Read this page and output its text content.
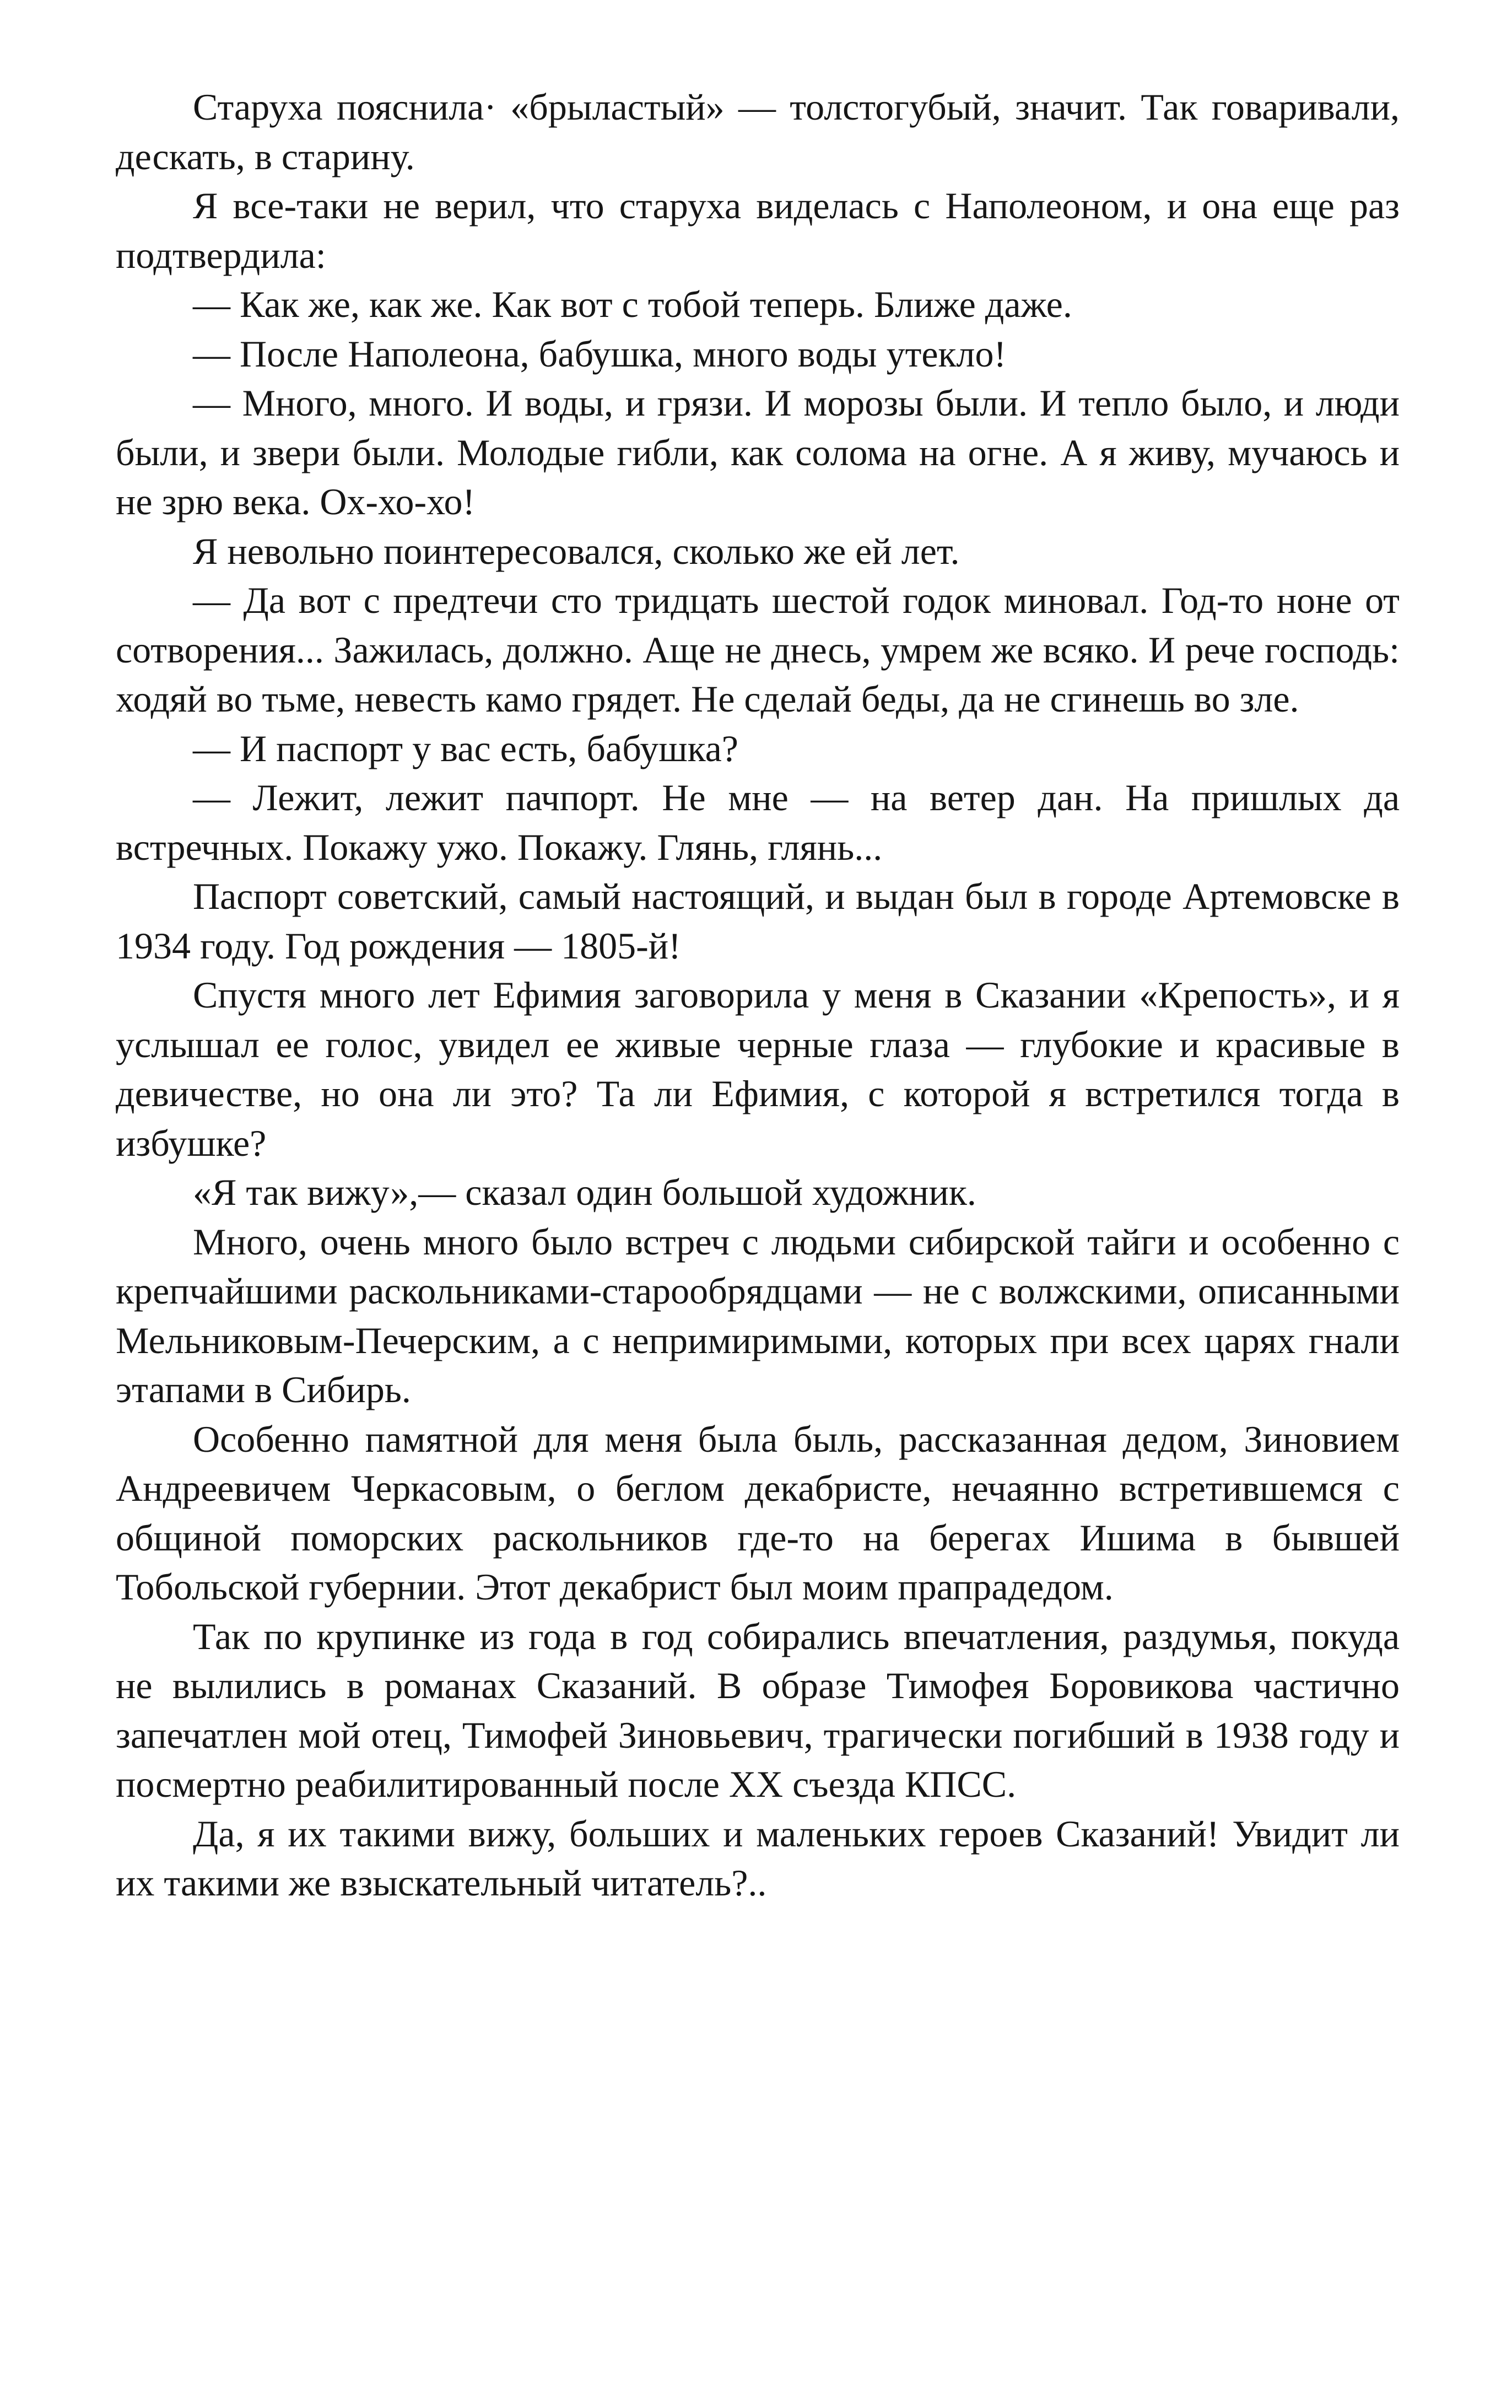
Старуха пояснила· «брыластый» — толстогубый, значит. Так говаривали, дескать, в старину.

Я все-таки не верил, что старуха виделась с Наполеоном, и она еще раз подтвердила:

— Как же, как же. Как вот с тобой теперь. Ближе даже.

— После Наполеона, бабушка, много воды утекло!

— Много, много. И воды, и грязи. И морозы были. И тепло было, и люди были, и звери были. Молодые гибли, как солома на огне. А я живу, мучаюсь и не зрю века. Ох-хо-хо!

Я невольно поинтересовался, сколько же ей лет.

— Да вот с предтечи сто тридцать шестой годок миновал. Год-то ноне от сотворения... Зажилась, должно. Аще не днесь, умрем же всяко. И рече господь: ходяй во тьме, невесть камо грядет. Не сделай беды, да не сгинешь во зле.

— И паспорт у вас есть, бабушка?

— Лежит, лежит пачпорт. Не мне — на ветер дан. На пришлых да встречных. Покажу ужо. Покажу. Глянь, глянь...

Паспорт советский, самый настоящий, и выдан был в городе Артемовске в 1934 году. Год рождения — 1805-й!

Спустя много лет Ефимия заговорила у меня в Сказании «Крепость», и я услышал ее голос, увидел ее живые черные глаза — глубокие и красивые в девичестве, но она ли это? Та ли Ефимия, с которой я встретился тогда в избушке?

«Я так вижу»,— сказал один большой художник.

Много, очень много было встреч с людьми сибирской тайги и особенно с крепчайшими раскольниками-старообрядцами — не с волжскими, описанными Мельниковым-Печерским, а с непримиримыми, которых при всех царях гнали этапами в Сибирь.

Особенно памятной для меня была быль, рассказанная дедом, Зиновием Андреевичем Черкасовым, о беглом декабристе, нечаянно встретившемся с общиной поморских раскольников где-то на берегах Ишима в бывшей Тобольской губернии. Этот декабрист был моим прапрадедом.

Так по крупинке из года в год собирались впечатления, раздумья, покуда не вылились в романах Сказаний. В образе Тимофея Боровикова частично запечатлен мой отец, Тимофей Зиновьевич, трагически погибший в 1938 году и посмертно реабилитированный после XX съезда КПСС.

Да, я их такими вижу, больших и маленьких героев Сказаний! Увидит ли их такими же взыскательный читатель?..
